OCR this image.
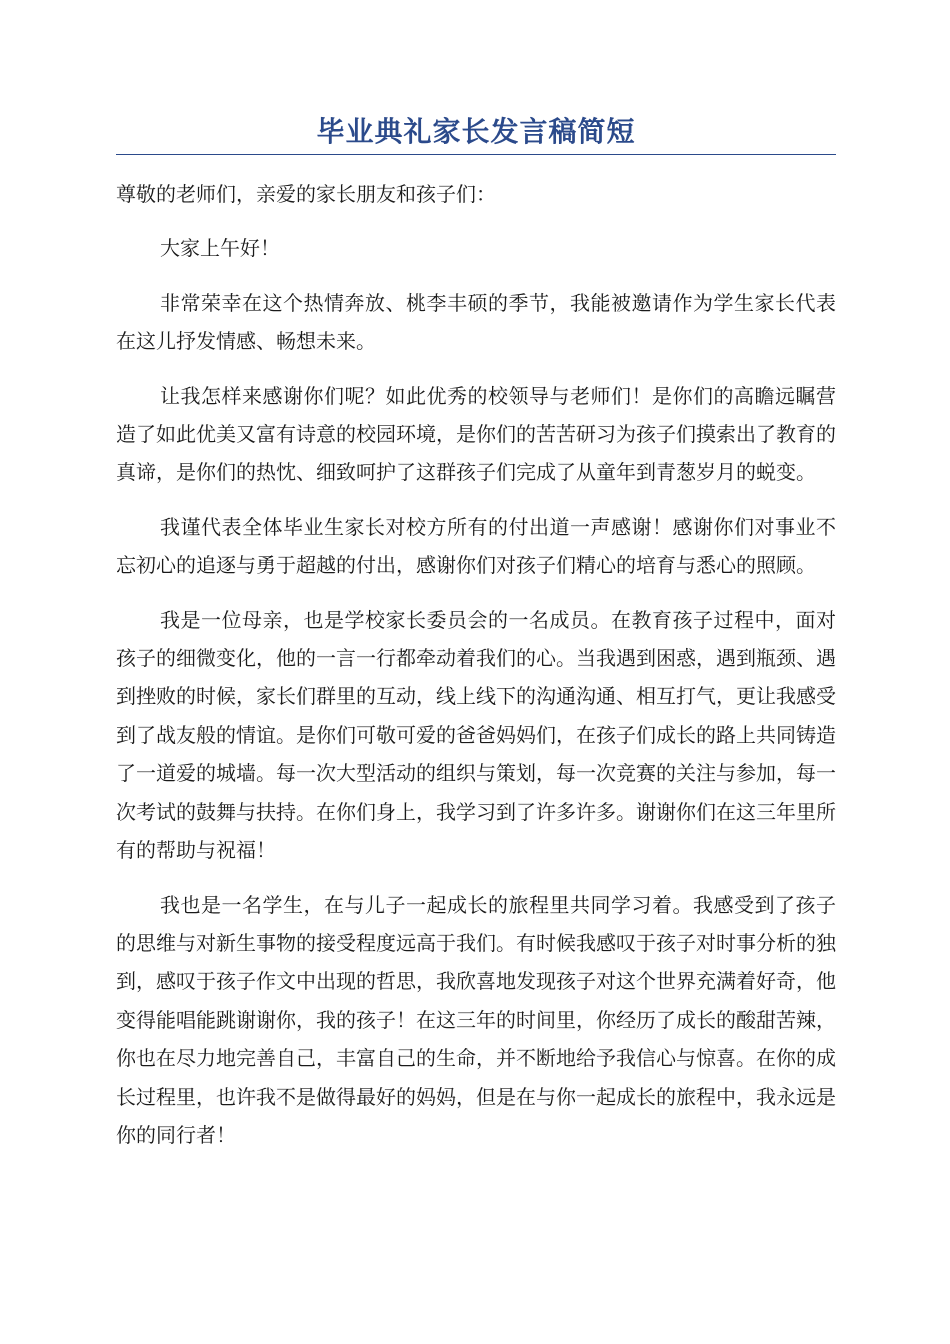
毕业典礼家长发言稿简短

尊敬的老师们，亲爱的家长朋友和孩子们：

大家上午好！

非常荣幸在这个热情奔放、桃李丰硕的季节，我能被邀请作为学生家长代表在这儿抒发情感、畅想未来。

让我怎样来感谢你们呢？如此优秀的校领导与老师们！是你们的高瞻远瞩营造了如此优美又富有诗意的校园环境，是你们的苦苦研习为孩子们摸索出了教育的真谛，是你们的热忱、细致呵护了这群孩子们完成了从童年到青葱岁月的蜕变。

我谨代表全体毕业生家长对校方所有的付出道一声感谢！感谢你们对事业不忘初心的追逐与勇于超越的付出，感谢你们对孩子们精心的培育与悉心的照顾。

我是一位母亲，也是学校家长委员会的一名成员。在教育孩子过程中，面对孩子的细微变化，他的一言一行都牵动着我们的心。当我遇到困惑，遇到瓶颈、遇到挫败的时候，家长们群里的互动，线上线下的沟通沟通、相互打气，更让我感受到了战友般的情谊。是你们可敬可爱的爸爸妈妈们，在孩子们成长的路上共同铸造了一道爱的城墙。每一次大型活动的组织与策划，每一次竞赛的关注与参加，每一次考试的鼓舞与扶持。在你们身上，我学习到了许多许多。谢谢你们在这三年里所有的帮助与祝福！

我也是一名学生，在与儿子一起成长的旅程里共同学习着。我感受到了孩子的思维与对新生事物的接受程度远高于我们。有时候我感叹于孩子对时事分析的独到，感叹于孩子作文中出现的哲思，我欣喜地发现孩子对这个世界充满着好奇，他变得能唱能跳谢谢你，我的孩子！在这三年的时间里，你经历了成长的酸甜苦辣，你也在尽力地完善自己，丰富自己的生命，并不断地给予我信心与惊喜。在你的成长过程里，也许我不是做得最好的妈妈，但是在与你一起成长的旅程中，我永远是你的同行者！
